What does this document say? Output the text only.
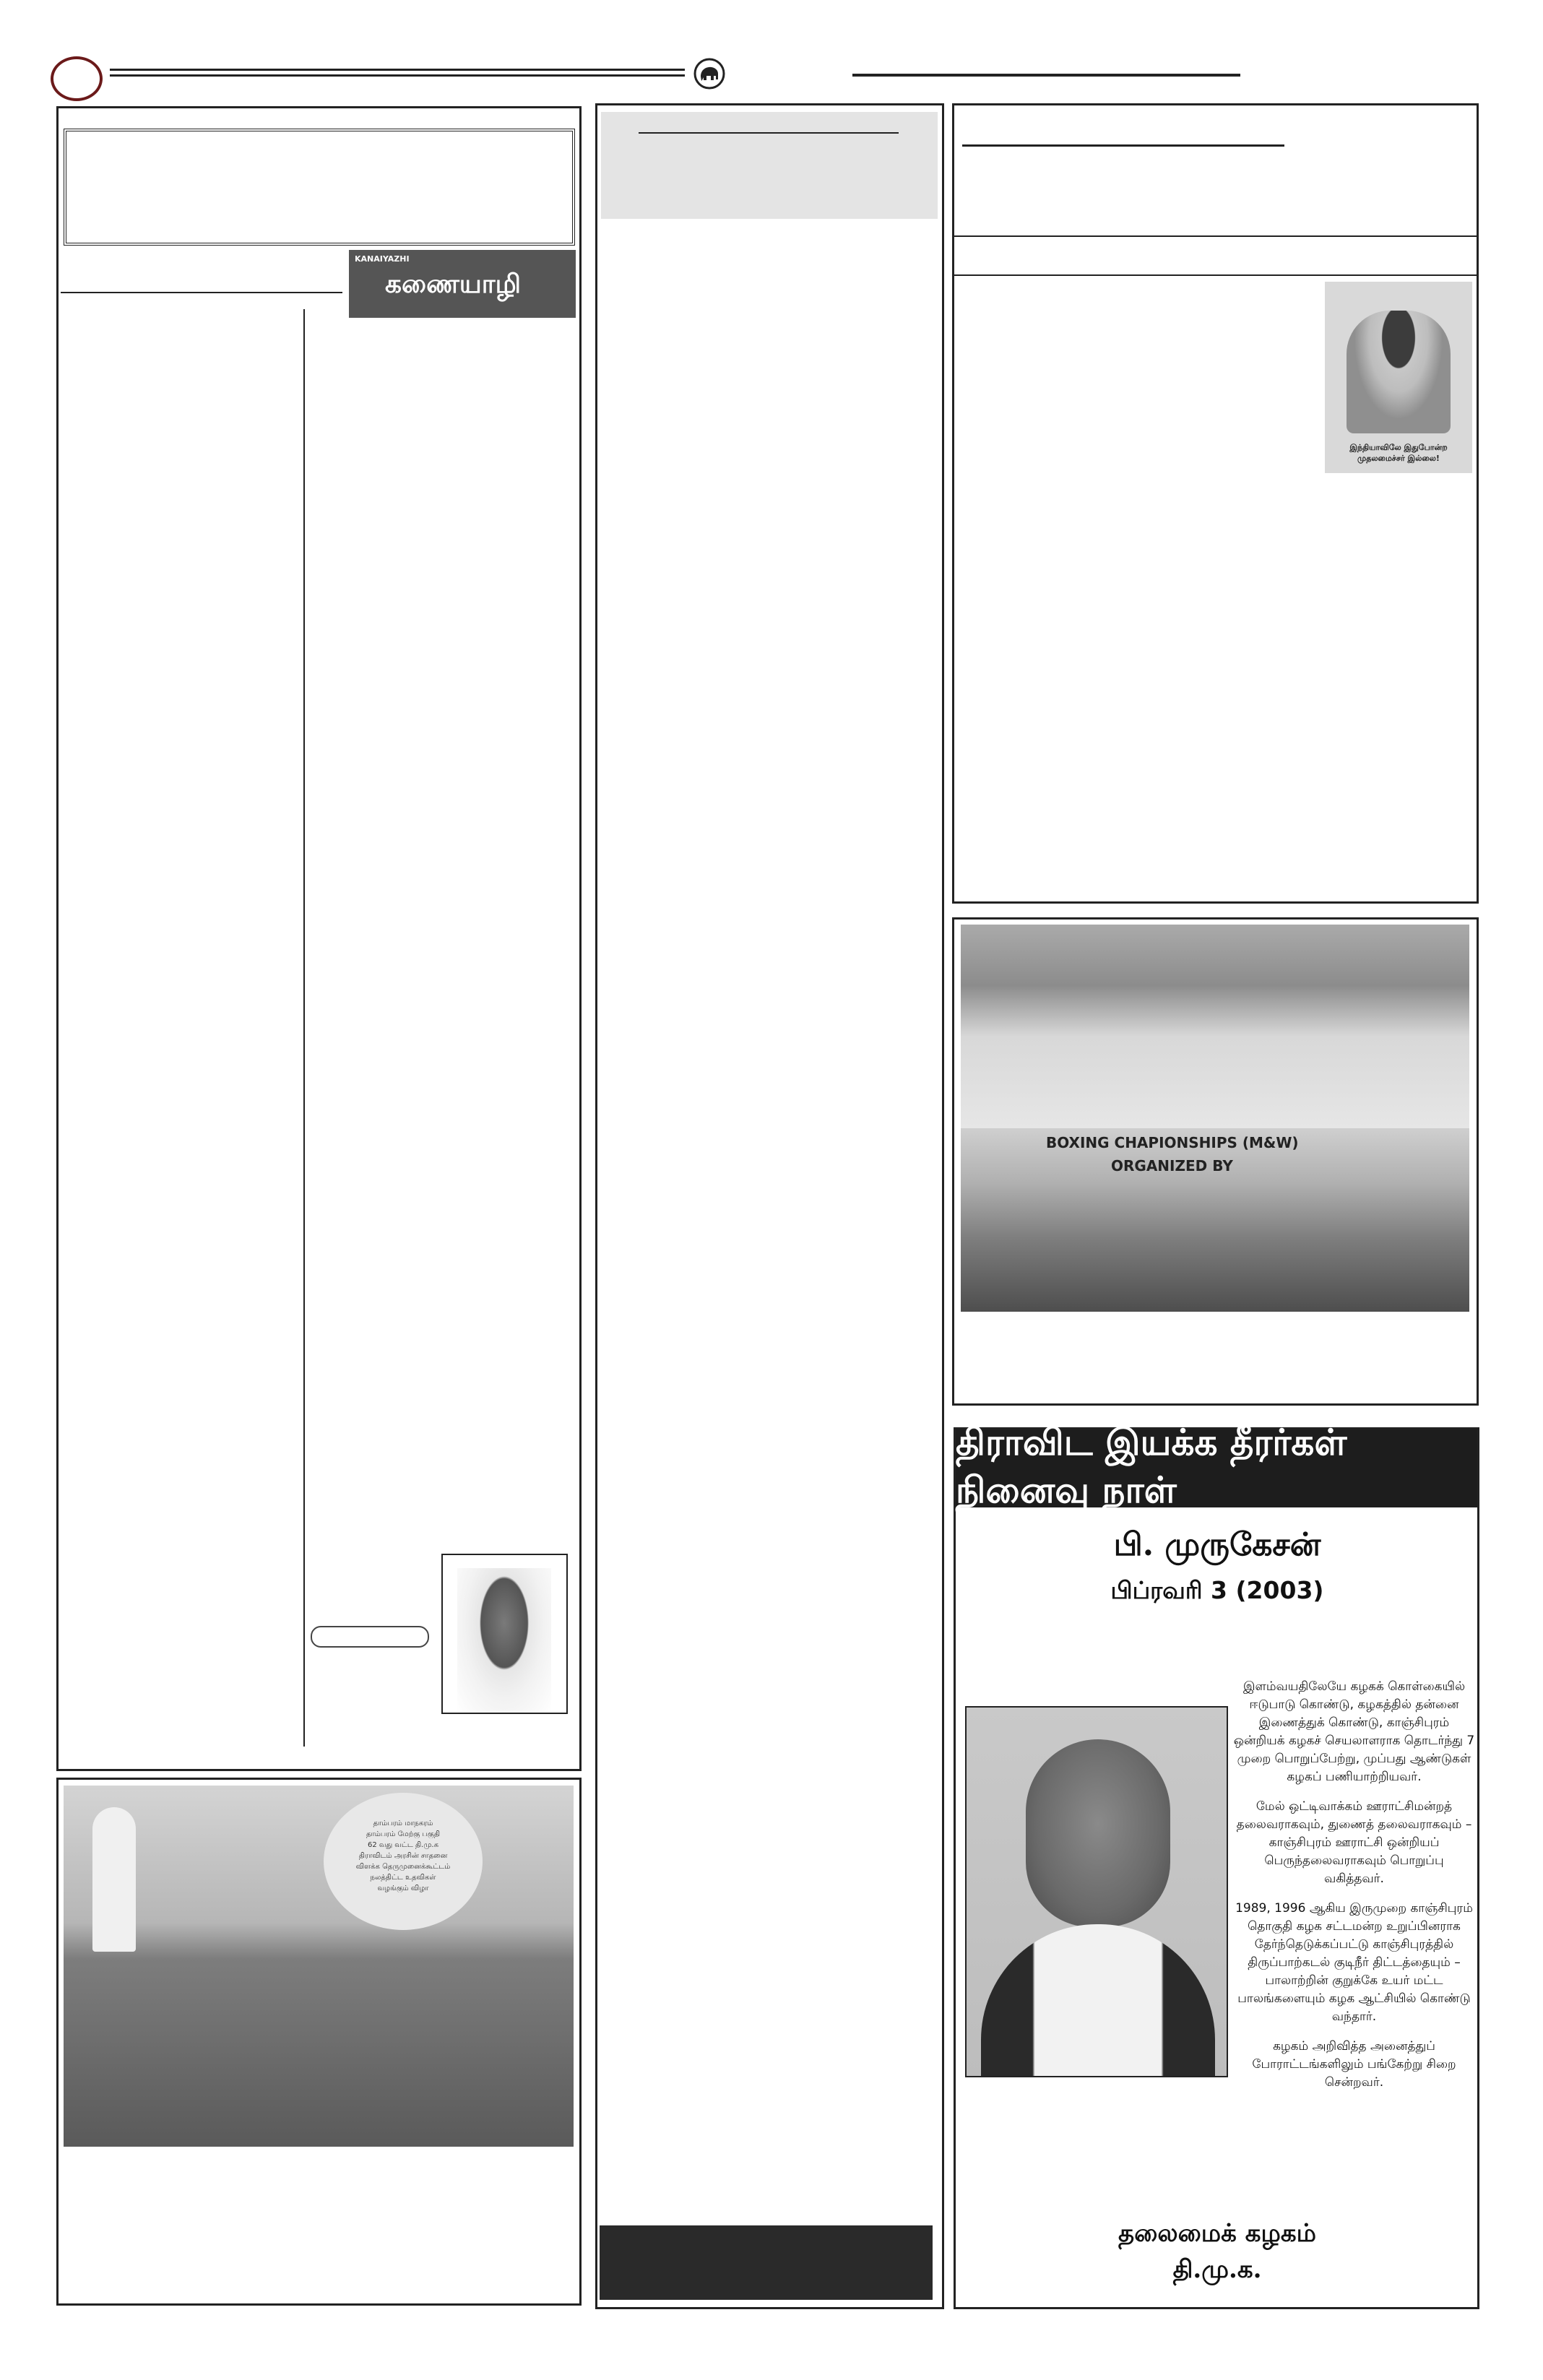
KANAIYAZHI
கணையாழி
தாம்பரம் மாநகரம்
தாம்பரம் மேற்கு பகுதி
62 வது வட்ட தி.மு.க
திராவிடம் அரசின் சாதனை
விளக்க தெருமுனைக்கூட்டம்
நலத்திட்ட உதவிகள்
வழங்கும் விழா
இந்தியாவிலே இதுபோன்ற முதலமைச்சர் இல்லை!
BOXING CHAPIONSHIPS (M&W)
ORGANIZED BY
திராவிட இயக்க தீரர்கள் நினைவு நாள்
பி. முருகேசன்
பிப்ரவரி 3 (2003)

இளம்வயதிலேயே கழகக் கொள்கையில் ஈடுபாடு கொண்டு, கழகத்தில் தன்னை இணைத்துக் கொண்டு, காஞ்சிபுரம் ஒன்றியக் கழகச் செயலாளராக தொடர்ந்து 7 முறை பொறுப்பேற்று, முப்பது ஆண்டுகள் கழகப் பணியாற்றியவர்.

மேல் ஒட்டிவாக்கம் ஊராட்சிமன்றத் தலைவராகவும், துணைத் தலைவராகவும் – காஞ்சிபுரம் ஊராட்சி ஒன்றியப் பெருந்தலைவராகவும் பொறுப்பு வகித்தவர்.

1989, 1996 ஆகிய இருமுறை காஞ்சிபுரம் தொகுதி கழக சட்டமன்ற உறுப்பினராக தேர்ந்தெடுக்கப்பட்டு காஞ்சிபுரத்தில் திருப்பாற்கடல் குடிநீர் திட்டத்தையும் – பாலாற்றின் குறுக்கே உயர் மட்ட பாலங்களையும் கழக ஆட்சியில் கொண்டு வந்தார்.

கழகம் அறிவித்த அனைத்துப் போராட்டங்களிலும் பங்கேற்று சிறை சென்றவர்.

தலைமைக் கழகம்
தி.மு.க.
